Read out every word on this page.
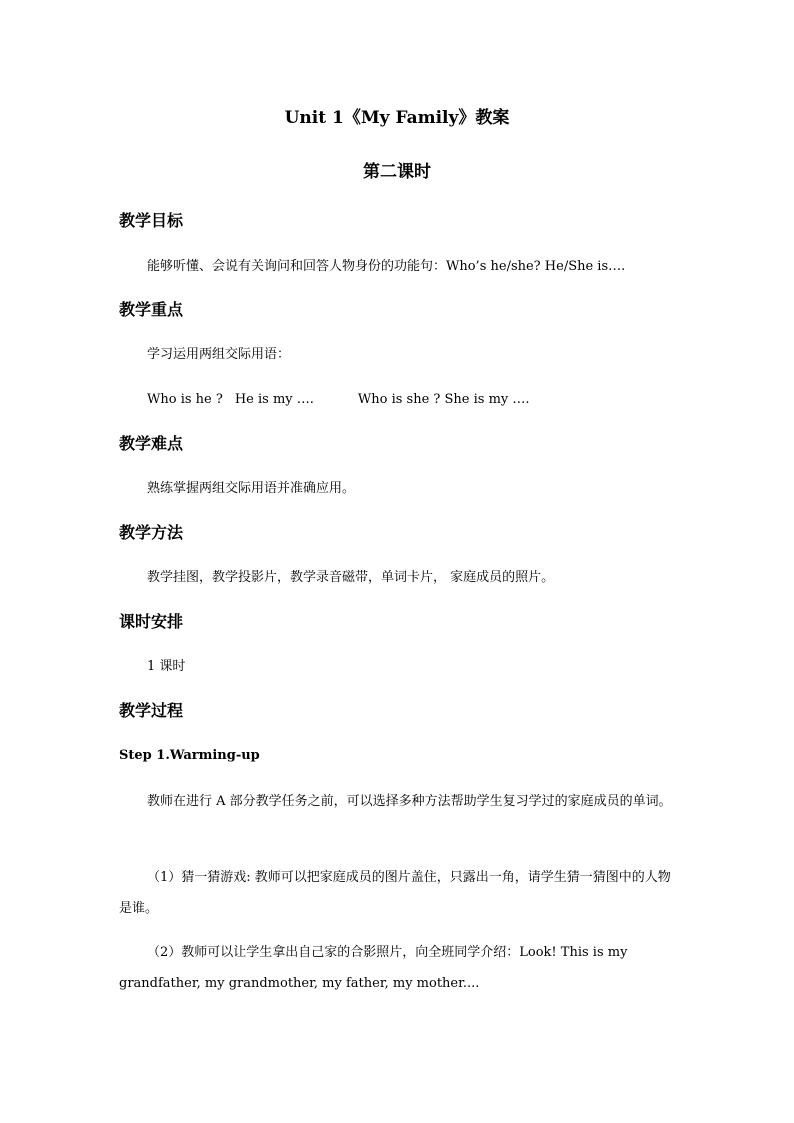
Unit 1《My Family》教案
第二课时
教学目标
能够听懂、会说有关询问和回答人物身份的功能句：Who’s he/she? He/She is….
教学重点
学习运用两组交际用语：
Who is he ? He is my ….	Who is she ? She is my ….
教学难点
熟练掌握两组交际用语并准确应用。
教学方法
教学挂图，教学投影片，教学录音磁带，单词卡片， 家庭成员的照片。
课时安排
1 课时
教学过程
Step 1.Warming-up
教师在进行 A 部分教学任务之前，可以选择多种方法帮助学生复习学过的家庭成员的单词。
（1）猜一猜游戏: 教师可以把家庭成员的图片盖住，只露出一角，请学生猜一猜图中的人物是谁。
（2）教师可以让学生拿出自己家的合影照片，向全班同学介绍：Look! This is my grandfather, my grandmother, my father, my mother....
